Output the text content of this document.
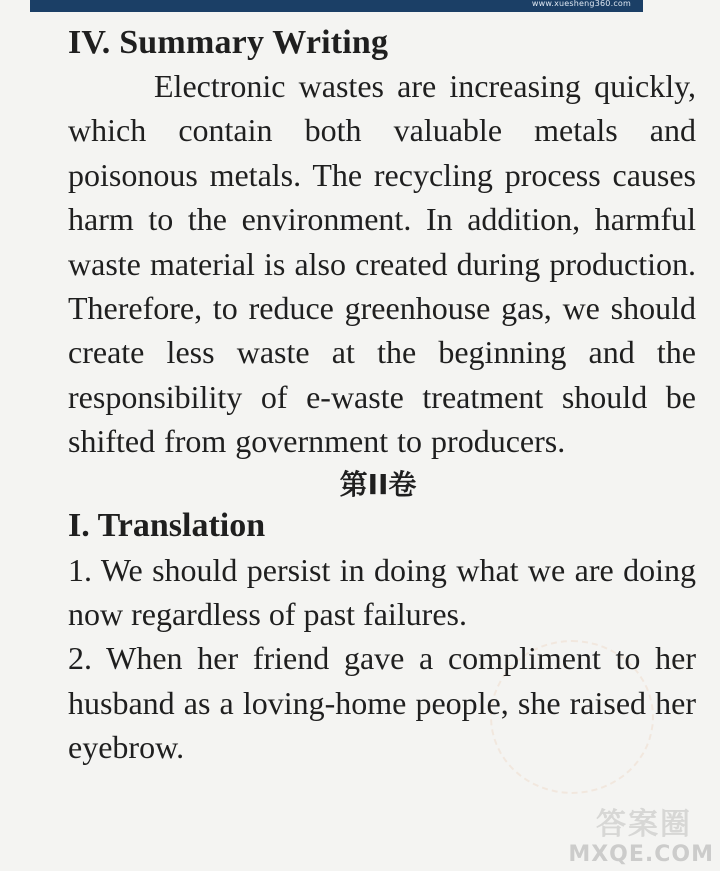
www.xuesheng360.com
IV. Summary Writing

Electronic wastes are increasing quickly, which contain both valuable metals and poisonous metals. The recycling process causes harm to the environment. In addition, harmful waste material is also created during production. Therefore, to reduce greenhouse gas, we should create less waste at the beginning and the responsibility of e-waste treatment should be shifted from government to producers.

第II卷
I. Translation

1. We should persist in doing what we are doing now regardless of past failures.

2. When her friend gave a compliment to her husband as a loving-home people, she raised her eyebrow.

答案圈
MXQE.COM
